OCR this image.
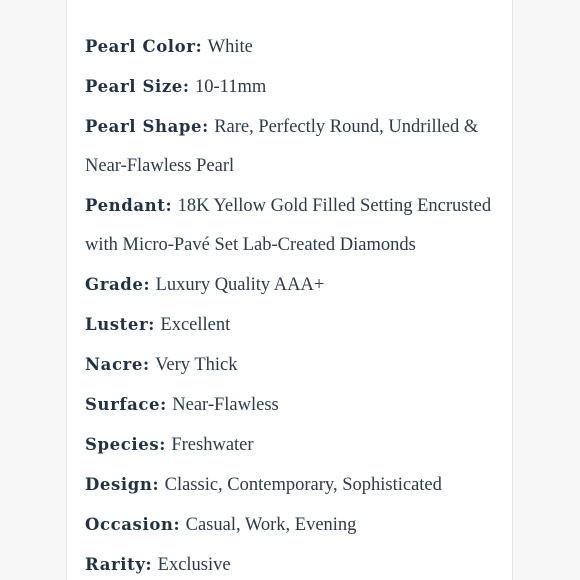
Pearl Color: White
Pearl Size: 10-11mm
Pearl Shape: Rare, Perfectly Round, Undrilled & Near-Flawless Pearl
Pendant: 18K Yellow Gold Filled Setting Encrusted with Micro-Pavé Set Lab-Created Diamonds
Grade: Luxury Quality AAA+
Luster: Excellent
Nacre: Very Thick
Surface: Near-Flawless
Species: Freshwater
Design: Classic, Contemporary, Sophisticated
Occasion: Casual, Work, Evening
Rarity: Exclusive
